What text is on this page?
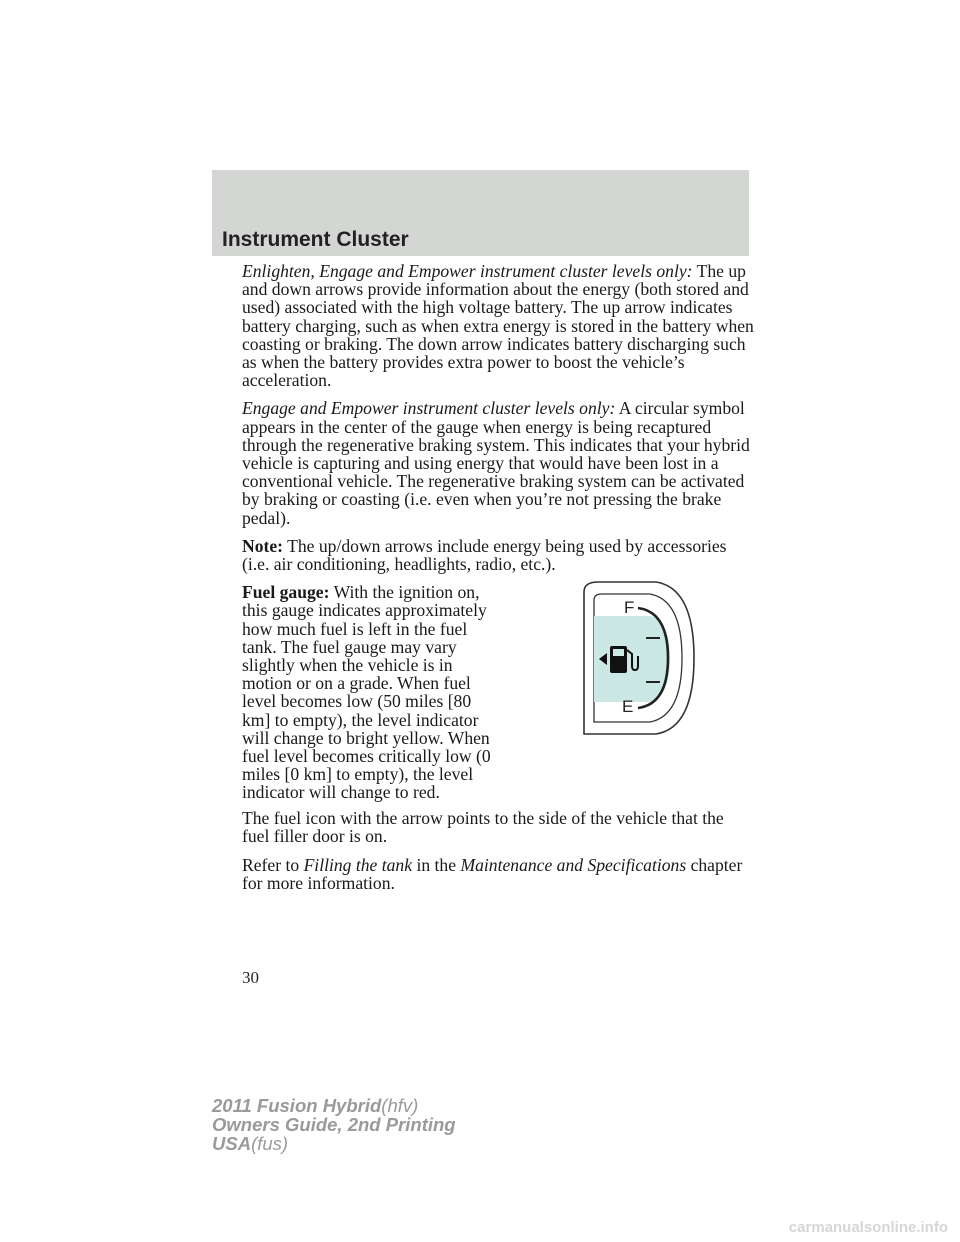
Instrument Cluster

Enlighten, Engage and Empower instrument cluster levels only: The up and down arrows provide information about the energy (both stored and used) associated with the high voltage battery. The up arrow indicates battery charging, such as when extra energy is stored in the battery when coasting or braking. The down arrow indicates battery discharging such as when the battery provides extra power to boost the vehicle’s acceleration.

Engage and Empower instrument cluster levels only: A circular symbol appears in the center of the gauge when energy is being recaptured through the regenerative braking system. This indicates that your hybrid vehicle is capturing and using energy that would have been lost in a conventional vehicle. The regenerative braking system can be activated by braking or coasting (i.e. even when you’re not pressing the brake pedal).

Note: The up/down arrows include energy being used by accessories (i.e. air conditioning, headlights, radio, etc.).

Fuel gauge: With the ignition on, this gauge indicates approximately how much fuel is left in the fuel tank. The fuel gauge may vary slightly when the vehicle is in motion or on a grade. When fuel level becomes low (50 miles [80 km] to empty), the level indicator will change to bright yellow. When fuel level becomes critically low (0 miles [0 km] to empty), the level indicator will change to red.

F
E

The fuel icon with the arrow points to the side of the vehicle that the fuel filler door is on.

Refer to Filling the tank in the Maintenance and Specifications chapter for more information.

30

2011 Fusion Hybrid(hfv)
Owners Guide, 2nd Printing
USA(fus)
carmanualsonline.info
